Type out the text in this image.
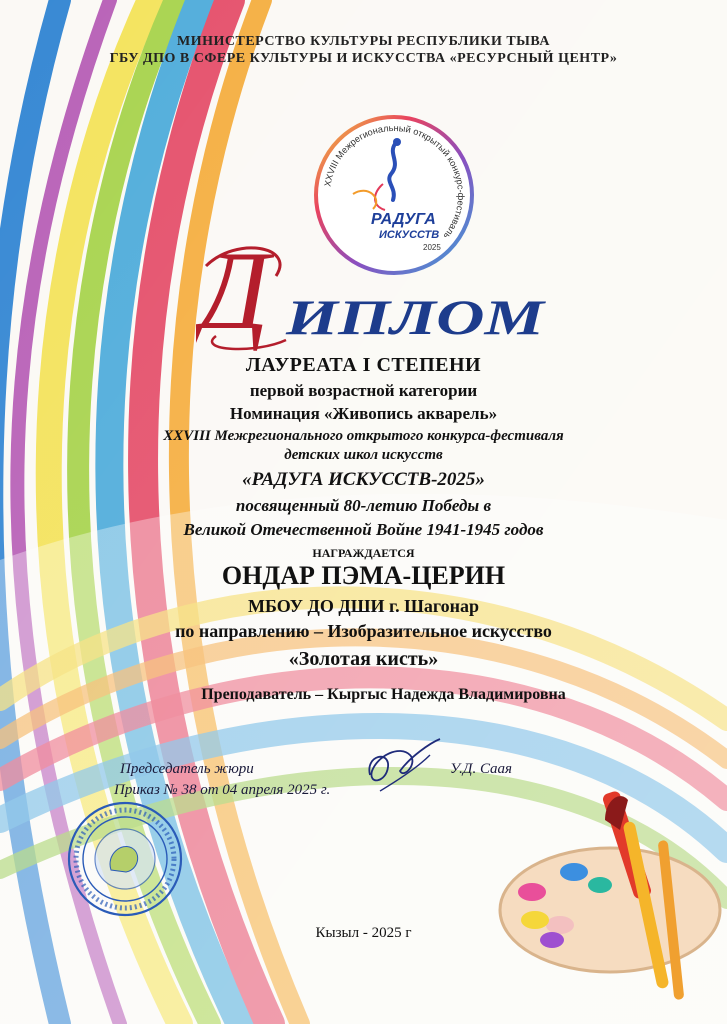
МИНИСТЕРСТВО КУЛЬТУРЫ РЕСПУБЛИКИ ТЫВА
ГБУ ДПО В СФЕРЕ КУЛЬТУРЫ И ИСКУССТВА «РЕСУРСНЫЙ ЦЕНТР»
XXVIII Межрегиональный открытый конкурс-фестиваль
РАДУГА
ИСКУССТВ
2025
Д ИПЛОМ
ЛАУРЕАТА I СТЕПЕНИ
первой возрастной категории
Номинация «Живопись акварель»
XXVIII Межрегионального открытого конкурса-фестиваля
детских школ искусств
«РАДУГА ИСКУССТВ-2025»
посвященный 80-летию Победы в
Великой Отечественной Войне 1941-1945 годов
НАГРАЖДАЕТСЯ
ОНДАР ПЭМА-ЦЕРИН
МБОУ ДО ДШИ г. Шагонар
по направлению – Изобразительное искусство
«Золотая кисть»
Преподаватель – Кыргыс Надежда Владимировна
Председатель жюри	У.Д. Саая
Приказ № 38 от 04 апреля 2025 г.
Кызыл - 2025 г
